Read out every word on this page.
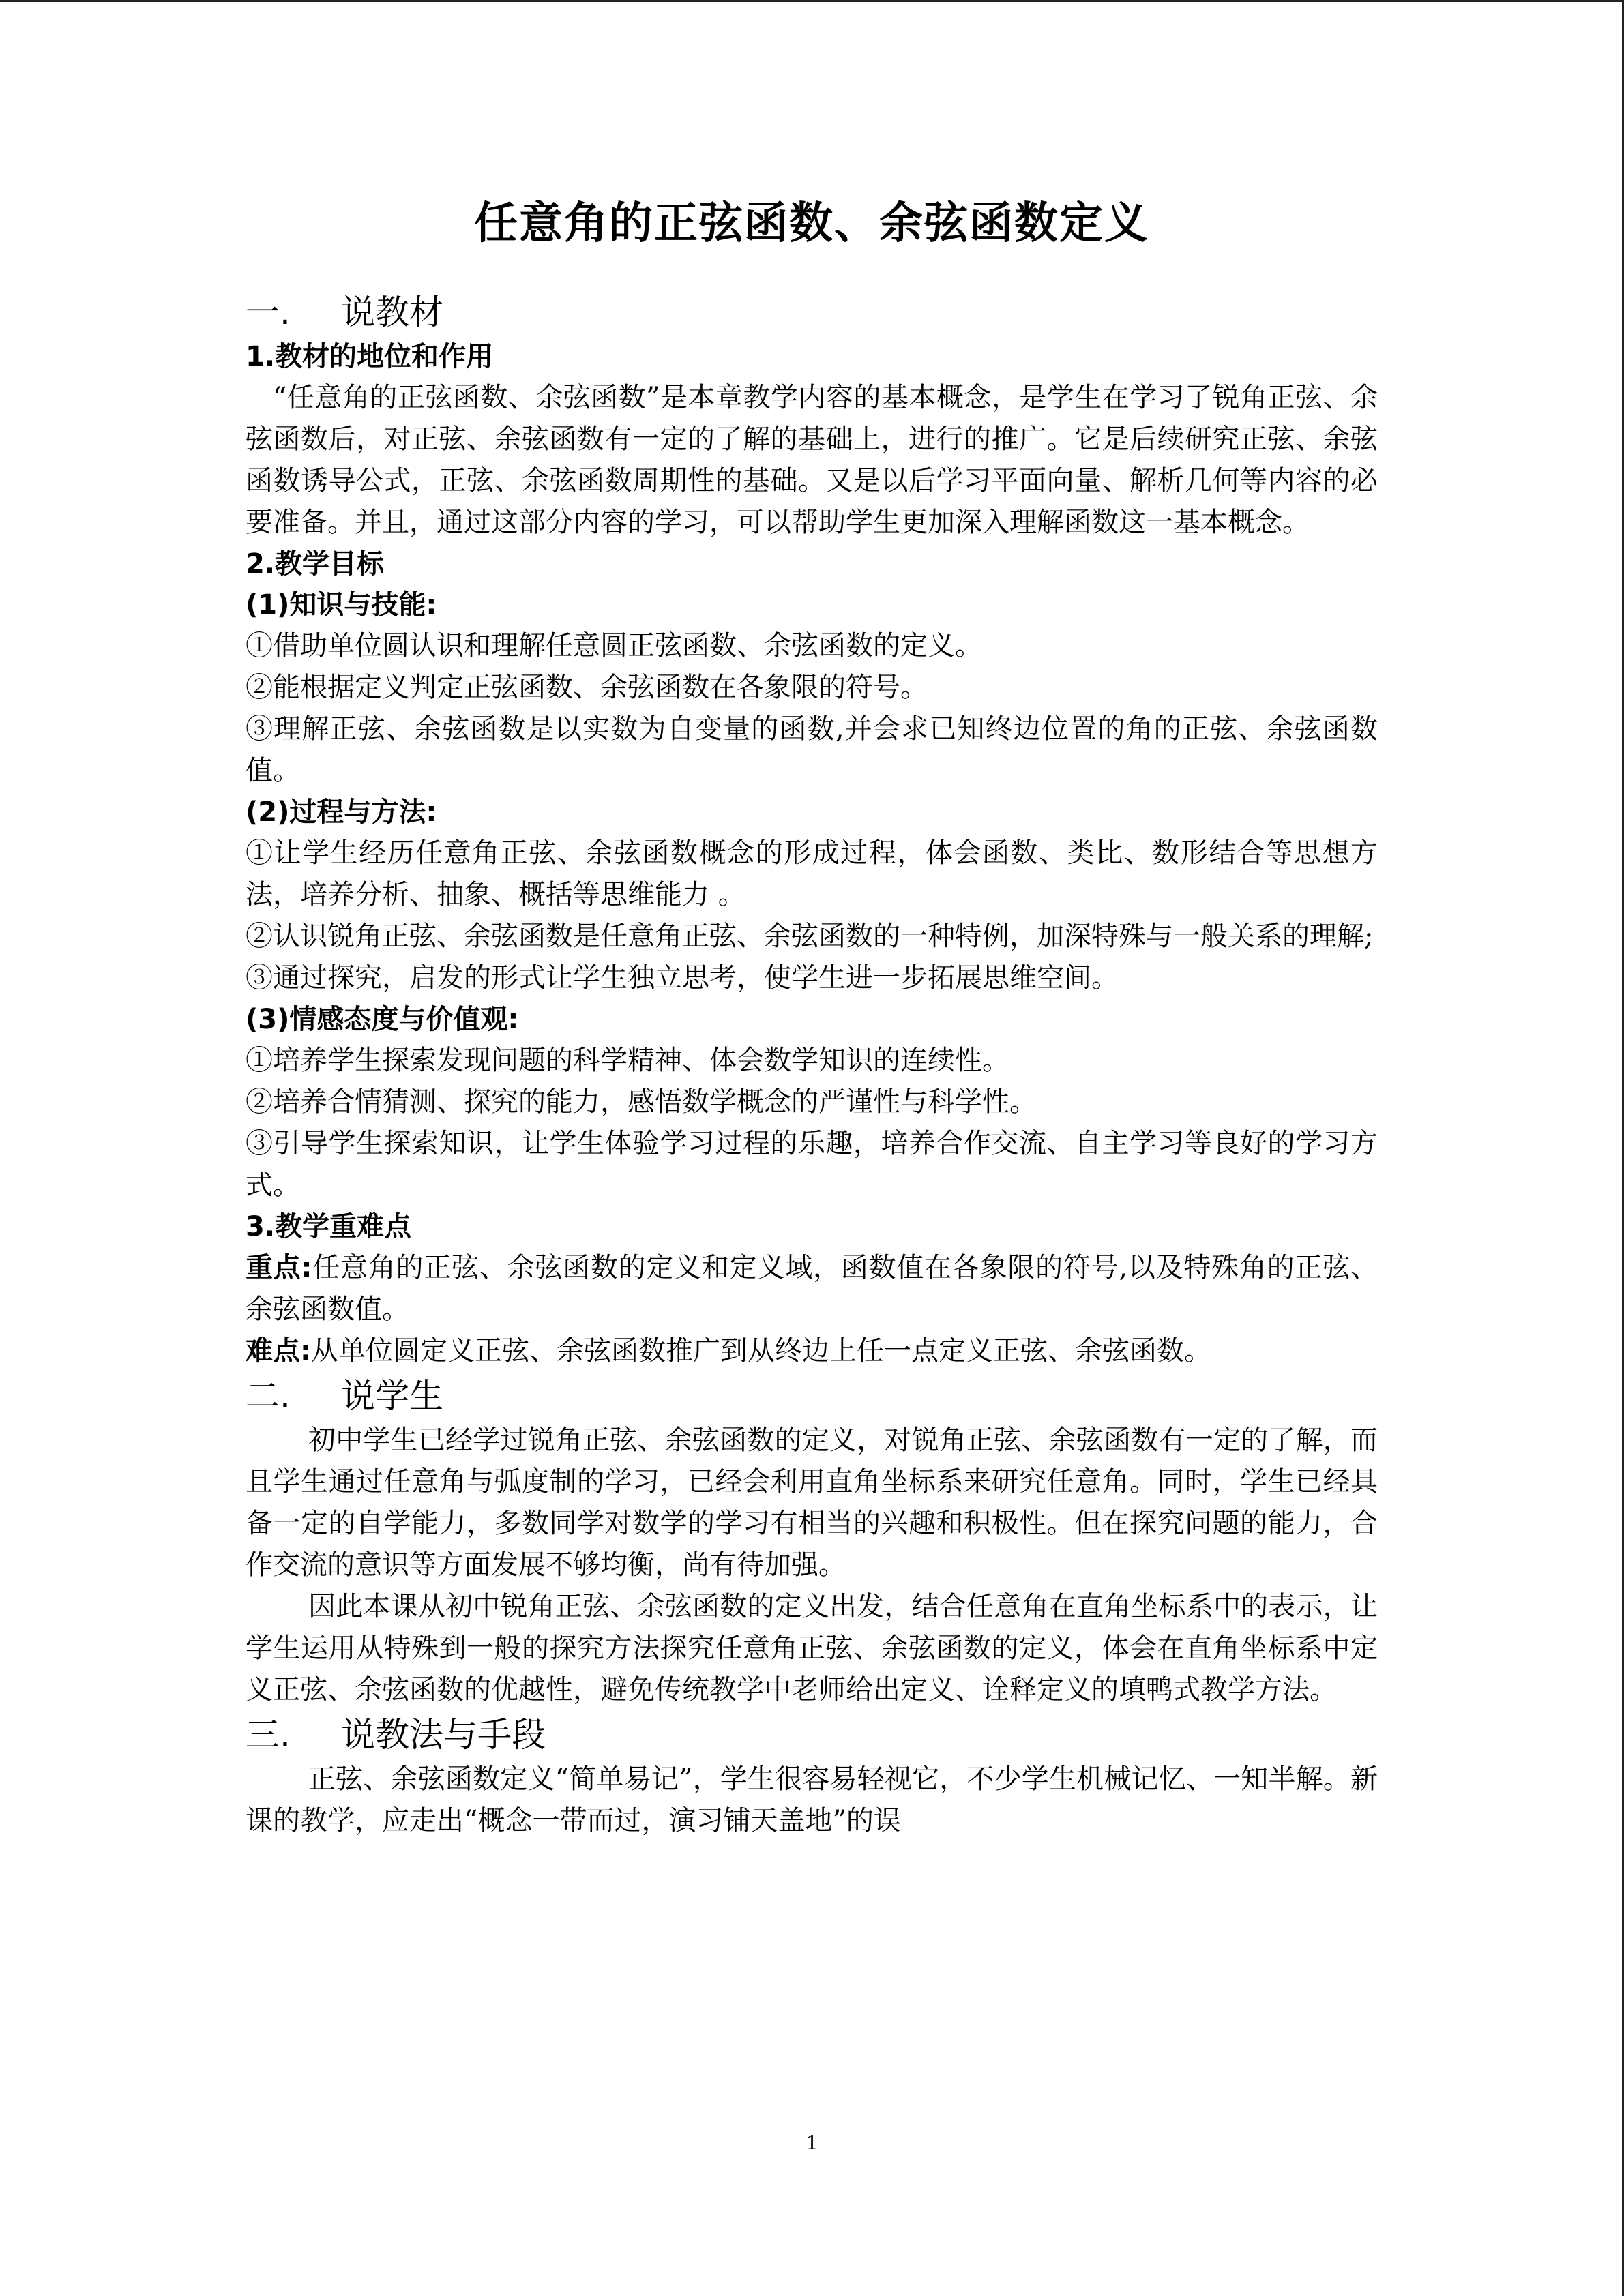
任意角的正弦函数、余弦函数定义
一. 说教材
1.教材的地位和作用

“任意角的正弦函数、余弦函数”是本章教学内容的基本概念，是学生在学习了锐角正弦、余弦函数后，对正弦、余弦函数有一定的了解的基础上，进行的推广。它是后续研究正弦、余弦函数诱导公式，正弦、余弦函数周期性的基础。又是以后学习平面向量、解析几何等内容的必要准备。并且，通过这部分内容的学习，可以帮助学生更加深入理解函数这一基本概念。

2.教学目标
(1)知识与技能:

①借助单位圆认识和理解任意圆正弦函数、余弦函数的定义。

②能根据定义判定正弦函数、余弦函数在各象限的符号。

③理解正弦、余弦函数是以实数为自变量的函数,并会求已知终边位置的角的正弦、余弦函数值。

(2)过程与方法:

①让学生经历任意角正弦、余弦函数概念的形成过程，体会函数、类比、数形结合等思想方法，培养分析、抽象、概括等思维能力 。

②认识锐角正弦、余弦函数是任意角正弦、余弦函数的一种特例，加深特殊与一般关系的理解;

③通过探究，启发的形式让学生独立思考，使学生进一步拓展思维空间。

(3)情感态度与价值观:

①培养学生探索发现问题的科学精神、体会数学知识的连续性。

②培养合情猜测、探究的能力，感悟数学概念的严谨性与科学性。

③引导学生探索知识，让学生体验学习过程的乐趣，培养合作交流、自主学习等良好的学习方式。

3.教学重难点

重点:任意角的正弦、余弦函数的定义和定义域，函数值在各象限的符号,以及特殊角的正弦、余弦函数值。

难点:从单位圆定义正弦、余弦函数推广到从终边上任一点定义正弦、余弦函数。

二. 说学生

初中学生已经学过锐角正弦、余弦函数的定义，对锐角正弦、余弦函数有一定的了解，而且学生通过任意角与弧度制的学习，已经会利用直角坐标系来研究任意角。同时，学生已经具备一定的自学能力，多数同学对数学的学习有相当的兴趣和积极性。但在探究问题的能力，合作交流的意识等方面发展不够均衡，尚有待加强。

因此本课从初中锐角正弦、余弦函数的定义出发，结合任意角在直角坐标系中的表示，让学生运用从特殊到一般的探究方法探究任意角正弦、余弦函数的定义，体会在直角坐标系中定义正弦、余弦函数的优越性，避免传统教学中老师给出定义、诠释定义的填鸭式教学方法。

三. 说教法与手段

正弦、余弦函数定义“简单易记”，学生很容易轻视它，不少学生机械记忆、一知半解。新课的教学，应走出“概念一带而过，演习铺天盖地”的误

1
